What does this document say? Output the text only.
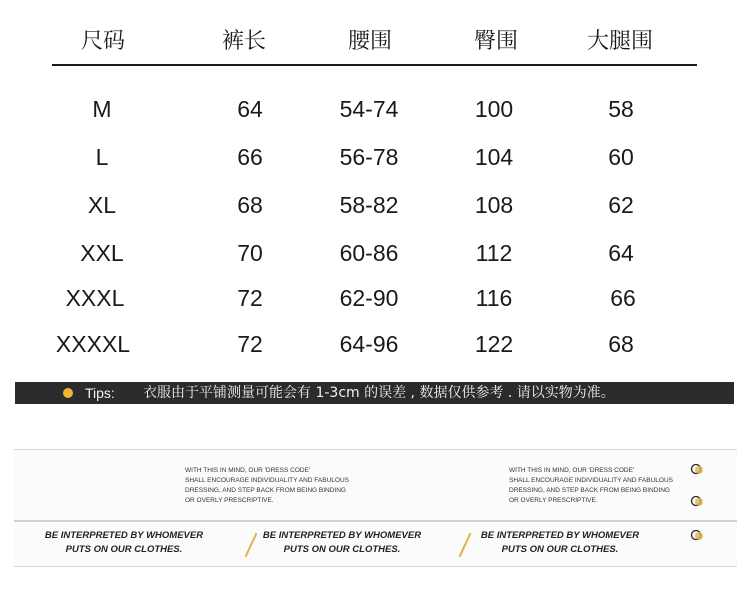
尺码	裤长	腰围	臀围	大腿围
M	64	54-74	100	58
L	66	56-78	104	60
XL	68	58-82	108	62
XXL	70	60-86	112	64
XXXL	72	62-90	116	66
XXXXL	72	64-96	122	68
Tips: 衣服由于平铺测量可能会有 1-3cm 的误差 , 数据仅供参考 . 请以实物为准。
WITH THIS IN MIND, OUR 'DRESS CODE'
SHALL ENCOURAGE INDIVIDUALITY AND FABULOUS
DRESSING, AND STEP BACK FROM BEING BINDING
OR OVERLY PRESCRIPTIVE.
WITH THIS IN MIND, OUR 'DRESS CODE'
SHALL ENCOURAGE INDIVIDUALITY AND FABULOUS
DRESSING, AND STEP BACK FROM BEING BINDING
OR OVERLY PRESCRIPTIVE.
BE INTERPRETED BY WHOMEVER
PUTS ON OUR CLOTHES.
BE INTERPRETED BY WHOMEVER
PUTS ON OUR CLOTHES.
BE INTERPRETED BY WHOMEVER
PUTS ON OUR CLOTHES.
